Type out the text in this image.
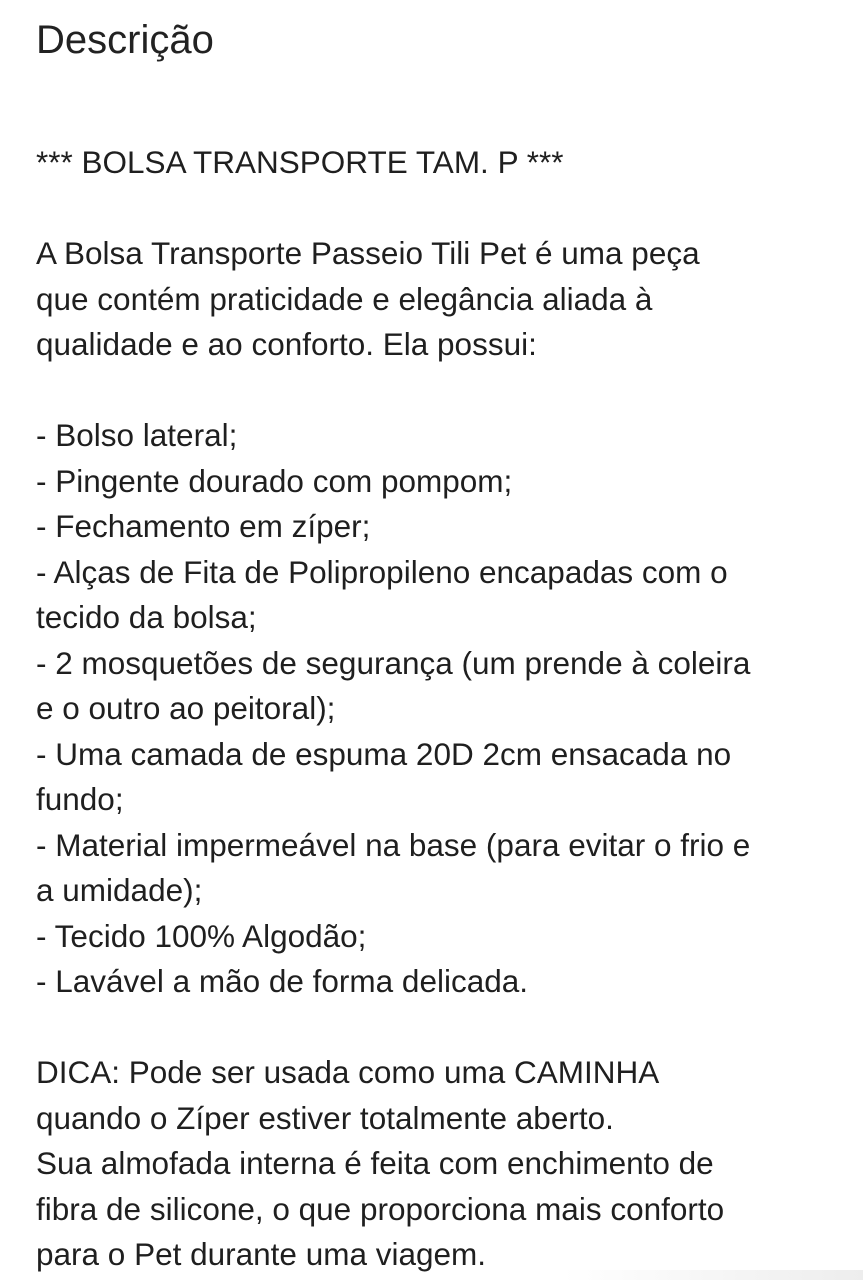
Descrição
*** BOLSA TRANSPORTE TAM. P ***
A Bolsa Transporte Passeio Tili Pet é uma peça
que contém praticidade e elegância aliada à
qualidade e ao conforto. Ela possui:
- Bolso lateral;
- Pingente dourado com pompom;
- Fechamento em zíper;
- Alças de Fita de Polipropileno encapadas com o
tecido da bolsa;
- 2 mosquetões de segurança (um prende à coleira
e o outro ao peitoral);
- Uma camada de espuma 20D 2cm ensacada no
fundo;
- Material impermeável na base (para evitar o frio e
a umidade);
- Tecido 100% Algodão;
- Lavável a mão de forma delicada.
DICA: Pode ser usada como uma CAMINHA
quando o Zíper estiver totalmente aberto.
Sua almofada interna é feita com enchimento de
fibra de silicone, o que proporciona mais conforto
para o Pet durante uma viagem.
